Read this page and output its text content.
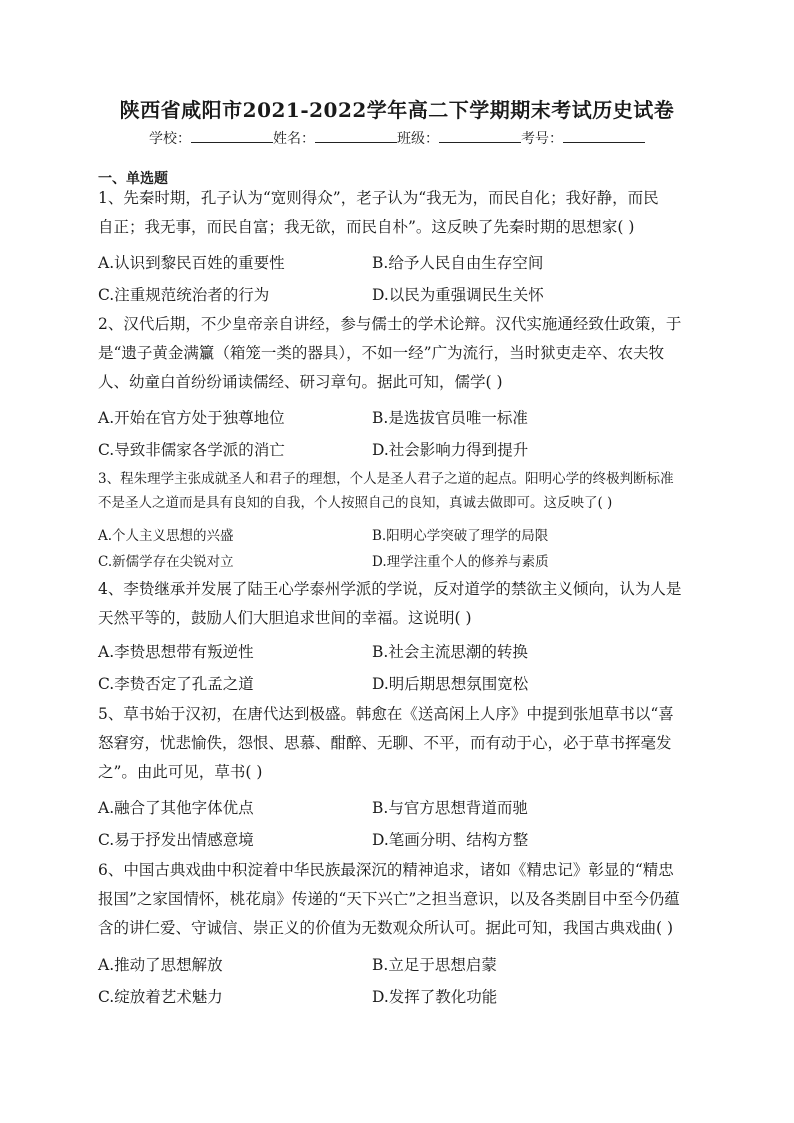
陕西省咸阳市2021-2022学年高二下学期期末考试历史试卷
学校：	姓名：	班级：	考号：
一、单选题
1、先秦时期，孔子认为“宽则得众”，老子认为“我无为，而民自化；我好静，而民
自正；我无事，而民自富；我无欲，而民自朴”。这反映了先秦时期的思想家( )
A.认识到黎民百姓的重要性	B.给予人民自由生存空间
C.注重规范统治者的行为	D.以民为重强调民生关怀
2、汉代后期，不少皇帝亲自讲经，参与儒士的学术论辩。汉代实施通经致仕政策，于
是“遗子黄金满籯（箱笼一类的器具），不如一经”广为流行，当时狱吏走卒、农夫牧
人、幼童白首纷纷诵读儒经、研习章句。据此可知，儒学( )
A.开始在官方处于独尊地位	B.是选拔官员唯一标准
C.导致非儒家各学派的消亡	D.社会影响力得到提升
3、程朱理学主张成就圣人和君子的理想，个人是圣人君子之道的起点。阳明心学的终极判断标准
不是圣人之道而是具有良知的自我，个人按照自己的良知，真诚去做即可。这反映了( )
A.个人主义思想的兴盛	B.阳明心学突破了理学的局限
C.新儒学存在尖锐对立	D.理学注重个人的修养与素质
4、李贽继承并发展了陆王心学泰州学派的学说，反对道学的禁欲主义倾向，认为人是
天然平等的，鼓励人们大胆追求世间的幸福。这说明( )
A.李贽思想带有叛逆性	B.社会主流思潮的转换
C.李贽否定了孔孟之道	D.明后期思想氛围宽松
5、草书始于汉初，在唐代达到极盛。韩愈在《送高闲上人序》中提到张旭草书以“喜
怒窘穷，忧悲愉佚，怨恨、思慕、酣醉、无聊、不平，而有动于心，必于草书挥毫发
之”。由此可见，草书( )
A.融合了其他字体优点	B.与官方思想背道而驰
C.易于抒发出情感意境	D.笔画分明、结构方整
6、中国古典戏曲中积淀着中华民族最深沉的精神追求，诸如《精忠记》彰显的“精忠
报国”之家国情怀，桃花扇》传递的“天下兴亡”之担当意识，以及各类剧目中至今仍蕴
含的讲仁爱、守诚信、崇正义的价值为无数观众所认可。据此可知，我国古典戏曲( )
A.推动了思想解放	B.立足于思想启蒙
C.绽放着艺术魅力	D.发挥了教化功能
